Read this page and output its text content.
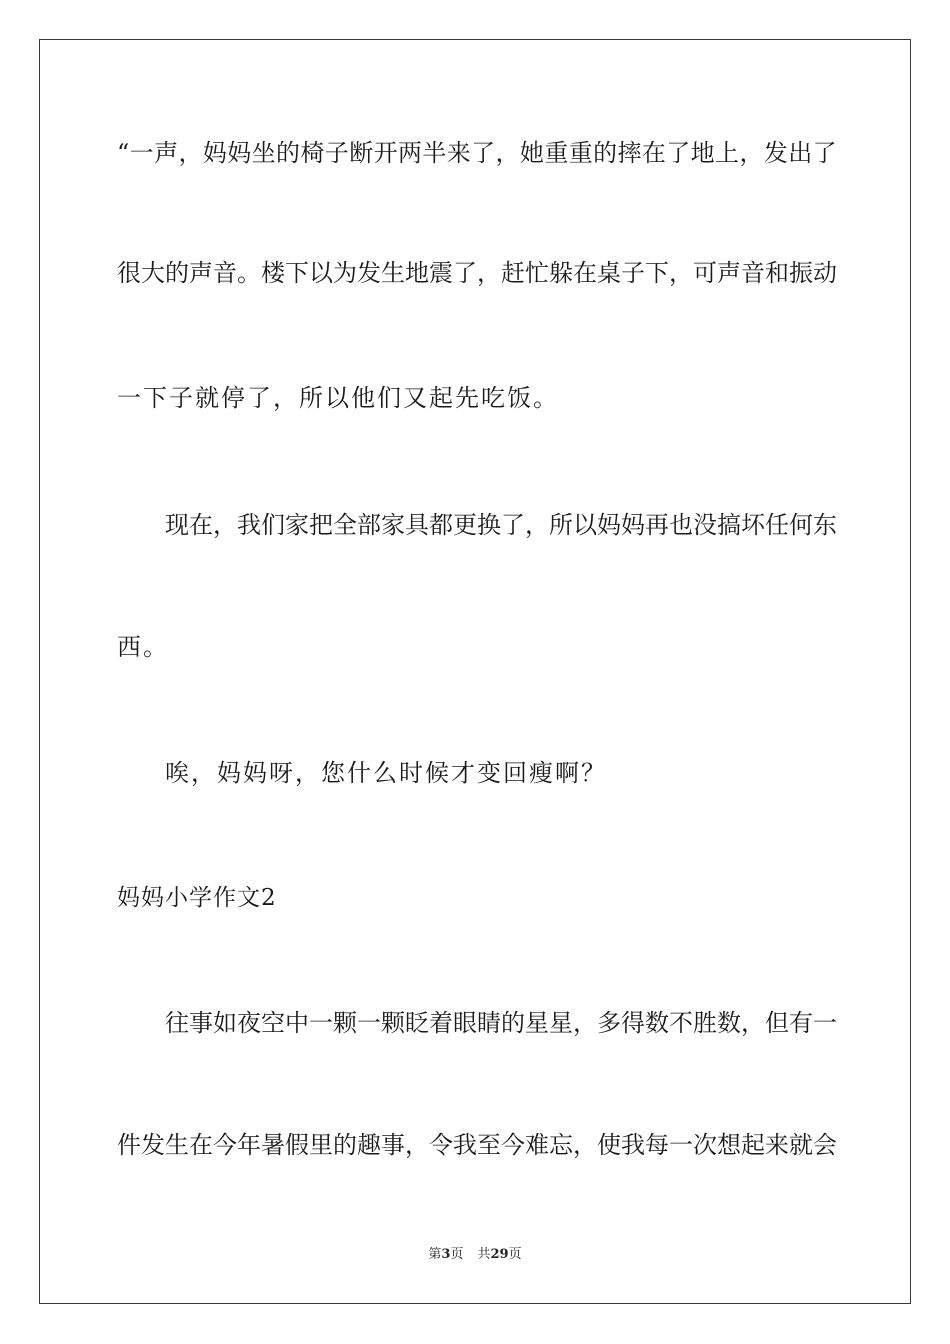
“ 一 声 ， 妈 妈 坐 的 椅 子 断 开 两 半 来 了 ， 她 重 重 的 摔 在 了 地 上 ， 发 出 了
很 大 的 声 音 。 楼 下 以 为 发 生 地 震 了 ， 赶 忙 躲 在 桌 子 下 ， 可 声 音 和 振 动
一下子就停了，所以他们又起先吃饭。
现 在 ， 我 们 家 把 全 部 家 具 都 更 换 了 ， 所 以 妈 妈 再 也 没 搞 坏 任 何 东
西。
唉，妈妈呀，您什么时候才变回瘦啊？
妈妈小学作文2
往 事 如 夜 空 中 一 颗 一 颗 眨 着 眼 睛 的 星 星 ， 多 得 数 不 胜 数 ， 但 有 一
件 发 生 在 今 年 暑 假 里 的 趣 事 ， 令 我 至 今 难 忘 ， 使 我 每 一 次 想 起 来 就 会
第3页 共29页
